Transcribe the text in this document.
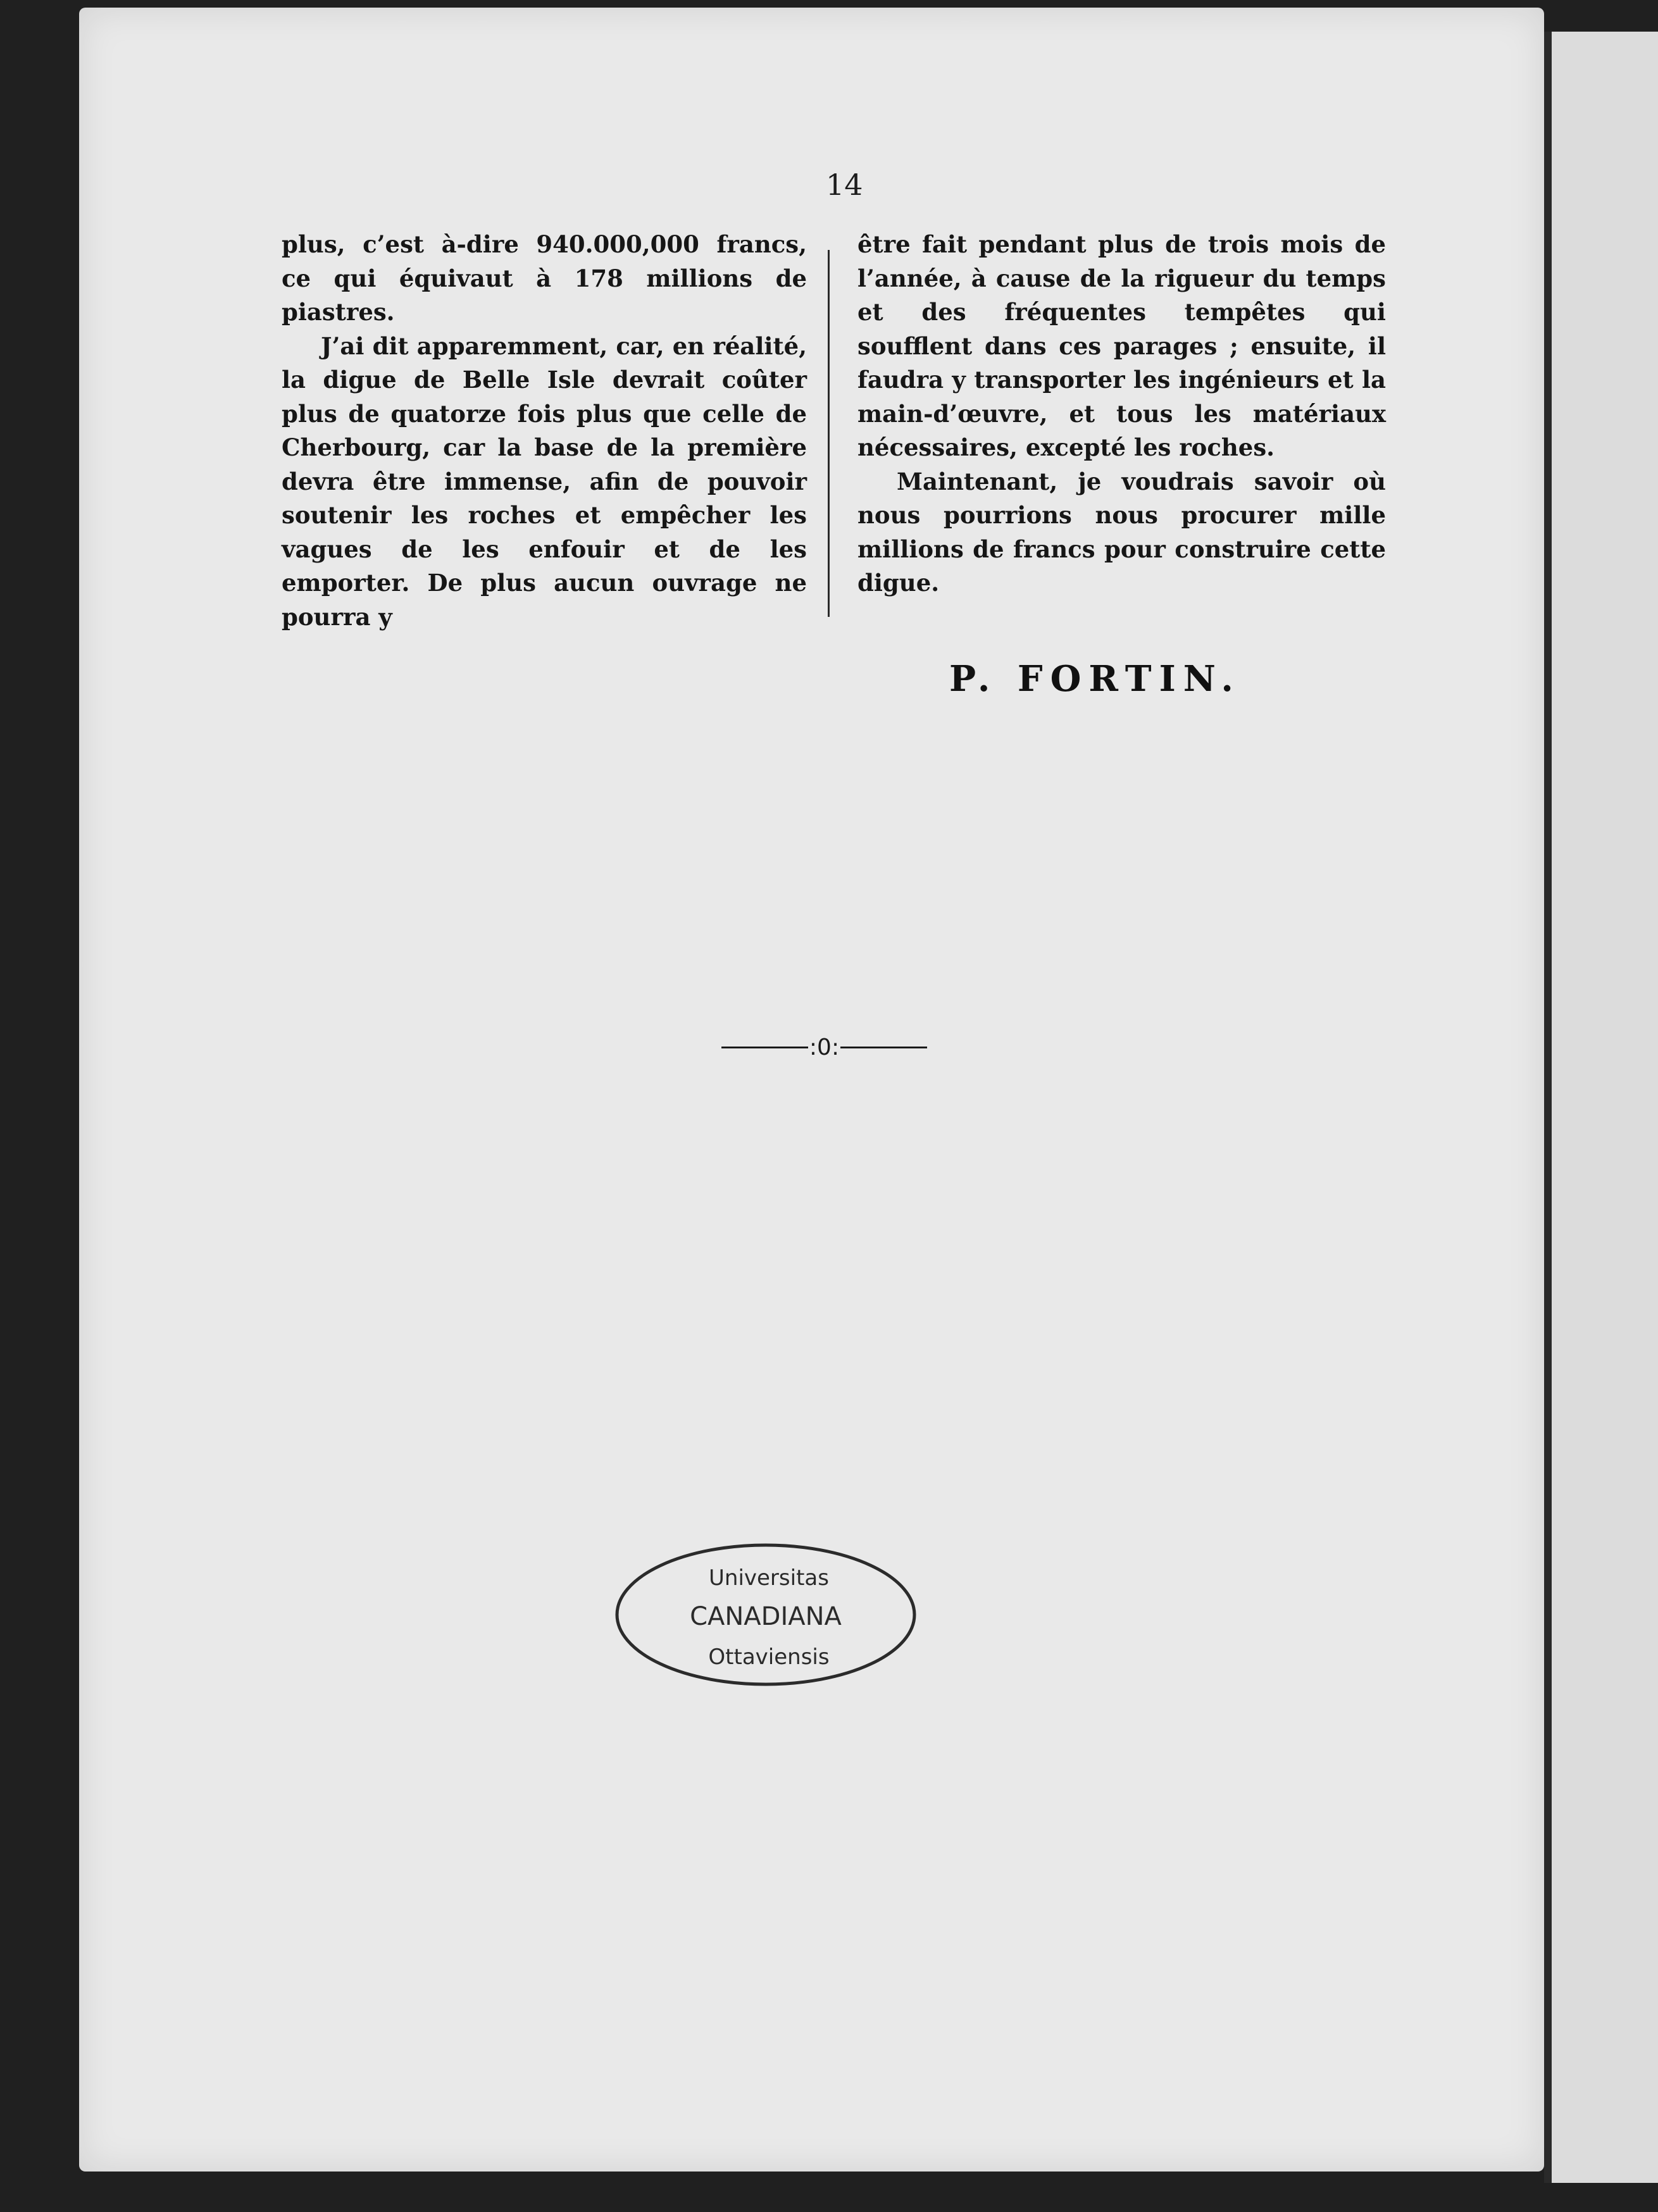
14

plus, c’est à-dire 940.000,000 francs, ce qui équivaut à 178 millions de piastres.

J’ai dit apparemment, car, en réalité, la digue de Belle Isle devrait coûter plus de quatorze fois plus que celle de Cherbourg, car la base de la première devra être immense, afin de pouvoir soutenir les roches et empêcher les vagues de les enfouir et de les emporter. De plus aucun ouvrage ne pourra y

être fait pendant plus de trois mois de l’année, à cause de la rigueur du temps et des fréquentes tempêtes qui soufflent dans ces parages ; ensuite, il faudra y transporter les ingénieurs et la main-d’œuvre, et tous les matériaux nécessaires, excepté les roches.

Maintenant, je voudrais savoir où nous pourrions nous procurer mille millions de francs pour construire cette digue.

P. FORTIN.
:0:
Universitas
CANADIANA
Ottaviensis
